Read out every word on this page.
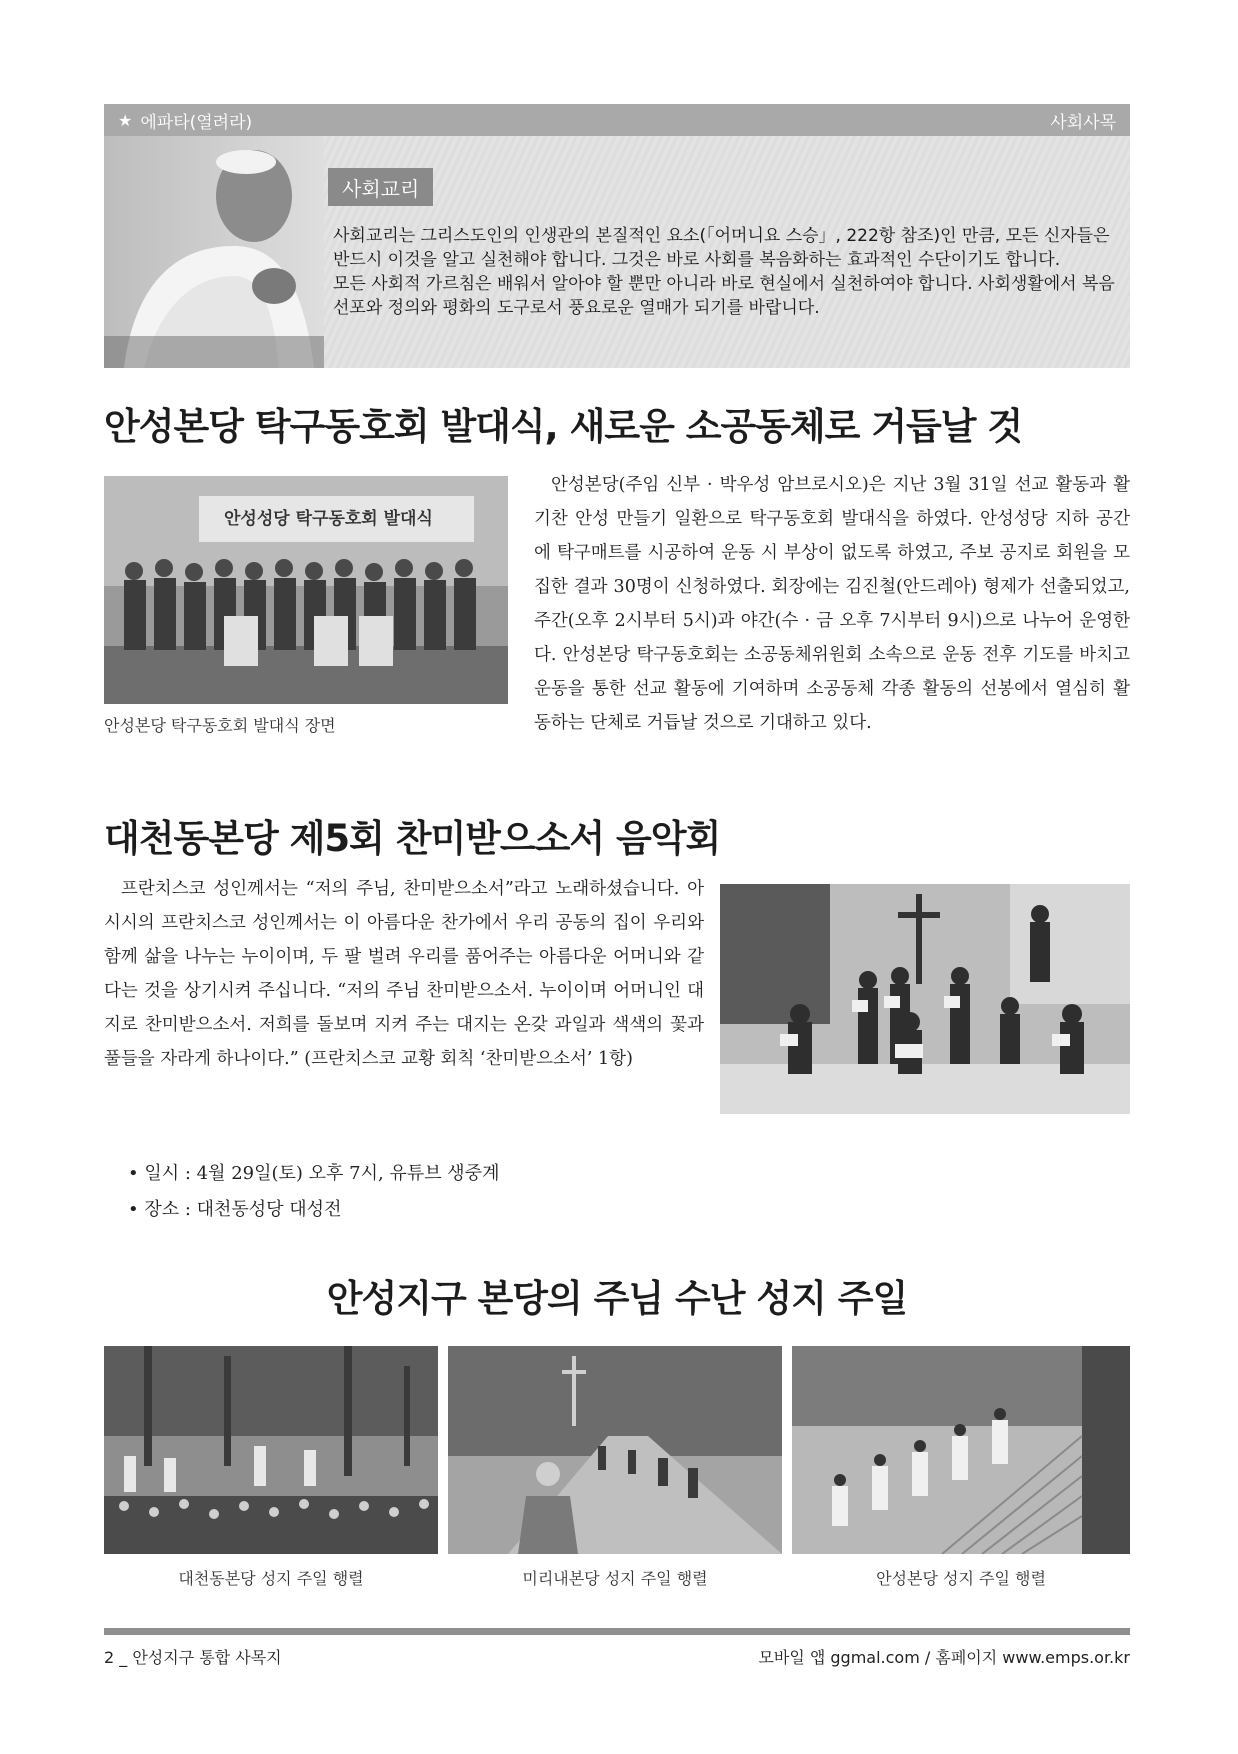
★ 에파타(열려라)	사회사목
사회교리

사회교리는 그리스도인의 인생관의 본질적인 요소(「어머니요 스승」, 222항 참조)인 만큼, 모든 신자들은 반드시 이것을 알고 실천해야 합니다. 그것은 바로 사회를 복음화하는 효과적인 수단이기도 합니다.

모든 사회적 가르침은 배워서 알아야 할 뿐만 아니라 바로 현실에서 실천하여야 합니다. 사회생활에서 복음 선포와 정의와 평화의 도구로서 풍요로운 열매가 되기를 바랍니다.

안성본당 탁구동호회 발대식, 새로운 소공동체로 거듭날 것
안성성당 탁구동호회 발대식
안성본당 탁구동호회 발대식 장면

안성본당(주임 신부 · 박우성 암브로시오)은 지난 3월 31일 선교 활동과 활기찬 안성 만들기 일환으로 탁구동호회 발대식을 하였다. 안성성당 지하 공간에 탁구매트를 시공하여 운동 시 부상이 없도록 하였고, 주보 공지로 회원을 모집한 결과 30명이 신청하였다. 회장에는 김진철(안드레아) 형제가 선출되었고, 주간(오후 2시부터 5시)과 야간(수 · 금 오후 7시부터 9시)으로 나누어 운영한다. 안성본당 탁구동호회는 소공동체위원회 소속으로 운동 전후 기도를 바치고 운동을 통한 선교 활동에 기여하며 소공동체 각종 활동의 선봉에서 열심히 활동하는 단체로 거듭날 것으로 기대하고 있다.

대천동본당 제5회 찬미받으소서 음악회

프란치스코 성인께서는 “저의 주님, 찬미받으소서”라고 노래하셨습니다. 아시시의 프란치스코 성인께서는 이 아름다운 찬가에서 우리 공동의 집이 우리와 함께 삶을 나누는 누이이며, 두 팔 벌려 우리를 품어주는 아름다운 어머니와 같다는 것을 상기시켜 주십니다. “저의 주님 찬미받으소서. 누이이며 어머니인 대지로 찬미받으소서. 저희를 돌보며 지켜 주는 대지는 온갖 과일과 색색의 꽃과 풀들을 자라게 하나이다.” (프란치스코 교황 회칙 ‘찬미받으소서’ 1항)

• 일시 : 4월 29일(토) 오후 7시, 유튜브 생중계
• 장소 : 대천동성당 대성전
안성지구 본당의 주님 수난 성지 주일
대천동본당 성지 주일 행렬	미리내본당 성지 주일 행렬	안성본당 성지 주일 행렬
2 _ 안성지구 통합 사목지	모바일 앱 ggmal.com / 홈페이지 www.emps.or.kr
